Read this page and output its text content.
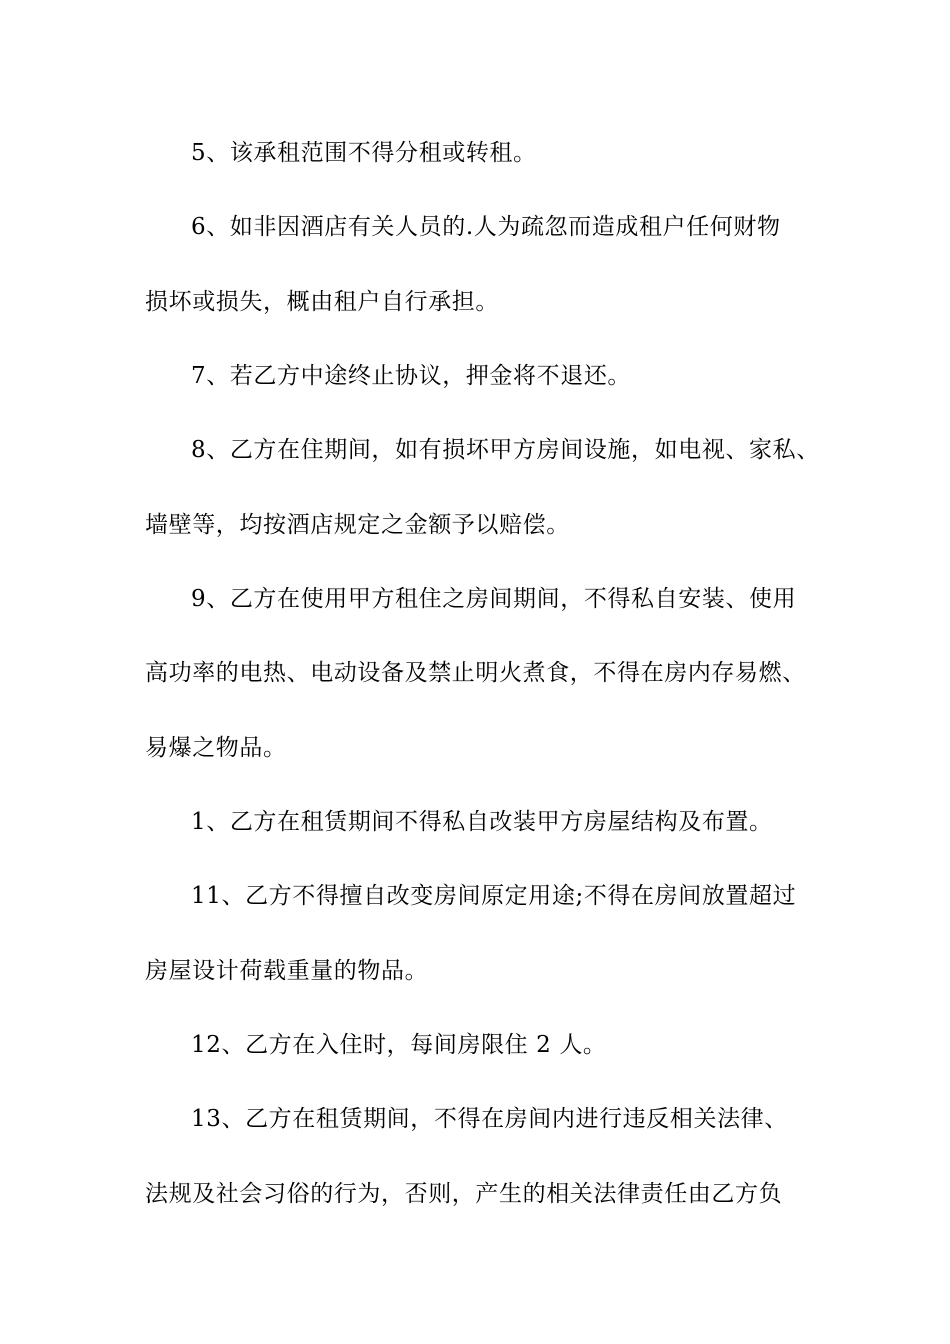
5、该承租范围不得分租或转租。
6、如非因酒店有关人员的.人为疏忽而造成租户任何财物
损坏或损失，概由租户自行承担。
7、若乙方中途终止协议，押金将不退还。
8、乙方在住期间，如有损坏甲方房间设施，如电视、家私、
墙壁等，均按酒店规定之金额予以赔偿。
9、乙方在使用甲方租住之房间期间，不得私自安装、使用
高功率的电热、电动设备及禁止明火煮食，不得在房内存易燃、
易爆之物品。
1、乙方在租赁期间不得私自改装甲方房屋结构及布置。
11、乙方不得擅自改变房间原定用途;不得在房间放置超过
房屋设计荷载重量的物品。
12、乙方在入住时，每间房限住 2 人。
13、乙方在租赁期间，不得在房间内进行违反相关法律、
法规及社会习俗的行为，否则，产生的相关法律责任由乙方负
